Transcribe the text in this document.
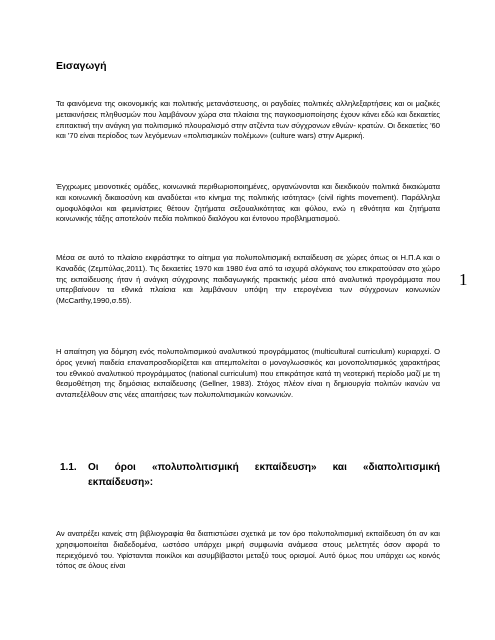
Εισαγωγή

Τα φαινόμενα της οικονομικής και πολιτικής μετανάστευσης, οι ραγδαίες πολιτικές αλληλεξαρτήσεις και οι μαζικές μετακινήσεις πληθυσμών που λαμβάνουν χώρα στα πλαίσια της παγκοσμιοποίησης έχουν κάνει εδώ και δεκαετίες επιτακτική την ανάγκη για πολιτισμικό πλουραλισμό στην ατζέντα των σύγχρονων εθνών- κρατών. Οι δεκαετίες '60 και '70 είναι περίοδος των λεγόμενων «πολιτισμικών πολέμων» (culture wars) στην Αμερική.

Έγχρωμες μειονοτικές ομάδες, κοινωνικά περιθωριοποιημένες, οργανώνονται και διεκδικούν πολιτικά δικαιώματα και κοινωνική δικαιοσύνη και αναδύεται «το κίνημα της πολιτικής ισότητας» (civil rights movement). Παράλληλα ομοφυλόφιλοι και φεμινίστριες θέτουν ζητήματα σεξουαλικότητας και φύλου, ενώ η εθνότητα και ζητήματα κοινωνικής τάξης αποτελούν πεδία πολιτικού διαλόγου και έντονου προβληματισμού.

Μέσα σε αυτό το πλαίσιο εκφράστηκε το αίτημα για πολυπολιτισμική εκπαίδευση σε χώρες όπως οι Η.Π.Α και ο Καναδάς (Ζεμπύλας,2011). Τις δεκαετίες 1970 και 1980 ένα από τα ισχυρά σλόγκανς του επικρατούσαν στο χώρο της εκπαίδευσης ήταν ή ανάγκη σύγχρονης παιδαγωγικής πρακτικής μέσα από αναλυτικά προγράμματα που υπερβαίνουν τα εθνικά πλαίσια και λαμβάνουν υπόψη την ετερογένεια των σύγχρονων κοινωνιών (McCarthy,1990,σ.55).

Η απαίτηση για δόμηση ενός πολυπολιτισμικού αναλυτικού προγράμματος (multicultural curriculum) κυριαρχεί. Ο όρος γενική παιδεία επαναπροσδιορίζεται και απεμπολείται ο μονογλωσσικός και μονοπολιτισμικός χαρακτήρας του εθνικού αναλυτικού προγράμματος (national curriculum) που επικράτησε κατά τη νεοτερική περίοδο μαζί με τη θεσμοθέτηση της δημόσιας εκπαίδευσης (Gellner, 1983). Στόχος πλέον είναι η δημιουργία πολιτών ικανών να ανταπεξέλθουν στις νέες απαιτήσεις των πολυπολιτισμικών κοινωνιών.

1.1.	Οι όροι «πολυπολιτισμική εκπαίδευση» και «διαπολιτισμική
εκπαίδευση»:

Αν ανατρέξει κανείς στη βιβλιογραφία θα διαπιστώσει σχετικά με τον όρο πολυπολιτισμική εκπαίδευση ότι αν και χρησιμοποιείται διαδεδομένα, ωστόσο υπάρχει μικρή συμφωνία ανάμεσα στους μελετητές όσον αφορά το περιεχόμενό του. Υφίστανται ποικίλοι και ασυμβίβαστοι μεταξύ τους ορισμοί. Αυτό όμως που υπάρχει ως κοινός τόπος σε όλους είναι

1
